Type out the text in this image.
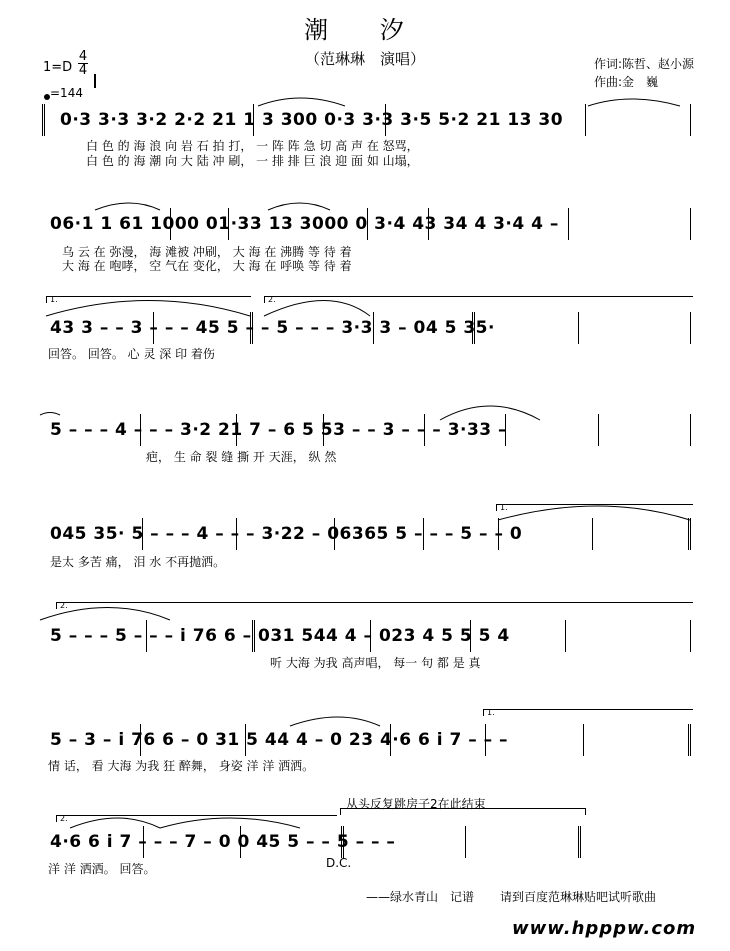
潮 汐
（范琳琳　演唱）	作词:陈哲、赵小源
作曲:金　巍
1=D
4
4
=144
0·3 3·3 3·2 2·2 21 1 3 300 0·3 3·3 3·5 5·2 21 13 30
白 色 的 海 浪 向 岩 石 拍 打， 一 阵 阵 急 切 高 声 在 怒骂，
白 色 的 海 潮 向 大 陆 冲 刷， 一 排 排 巨 浪 迎 面 如 山塌，
06·1 1 61 1000 01·33 13 3000 0 3·4 43 34 4 3·4 4 –
乌 云 在 弥漫， 海 滩被 冲刷， 大 海 在 沸腾 等 待 着
大 海 在 咆哮， 空 气在 变化， 大 海 在 呼唤 等 待 着
1.	2.
43 3 – – 3 – – – 45 5 – – 5 – – – 3·3 3 – 04 5 35·
回答。 回答。 心 灵 深 印 着伤
5 – – – 4 – – – 3·2 21 7 – 6 5 53 – – 3 – – – 3·33 –
疤， 生 命 裂 缝 撕 开 天涯， 纵 然
1.
045 35· 5 – – – 4 – – – 3·22 – 06365 5 – – – 5 – – 0
是太 多苦 痛， 泪 水 不再抛洒。
2.
5 – – – 5 – – – i 76 6 – 031 544 4 – 023 4 5 5 5 4
听 大海 为我 高声唱， 每一 句 都 是 真
1.
5 – 3 – i 76 6 – 0 31 5 44 4 – 0 23 4·6 6 i 7 – – –
情 话， 看 大海 为我 狂 醉舞， 身姿 洋 洋 洒洒。
从头反复跳房子2在此结束
2.
4·6 6 i 7 – – – 7 – 0 0 45 5 – – 5 – – –
洋 洋 洒洒。 回答。	D.C.
——绿水青山　记谱 请到百度范琳琳贴吧试听歌曲
www.hpppw.com
